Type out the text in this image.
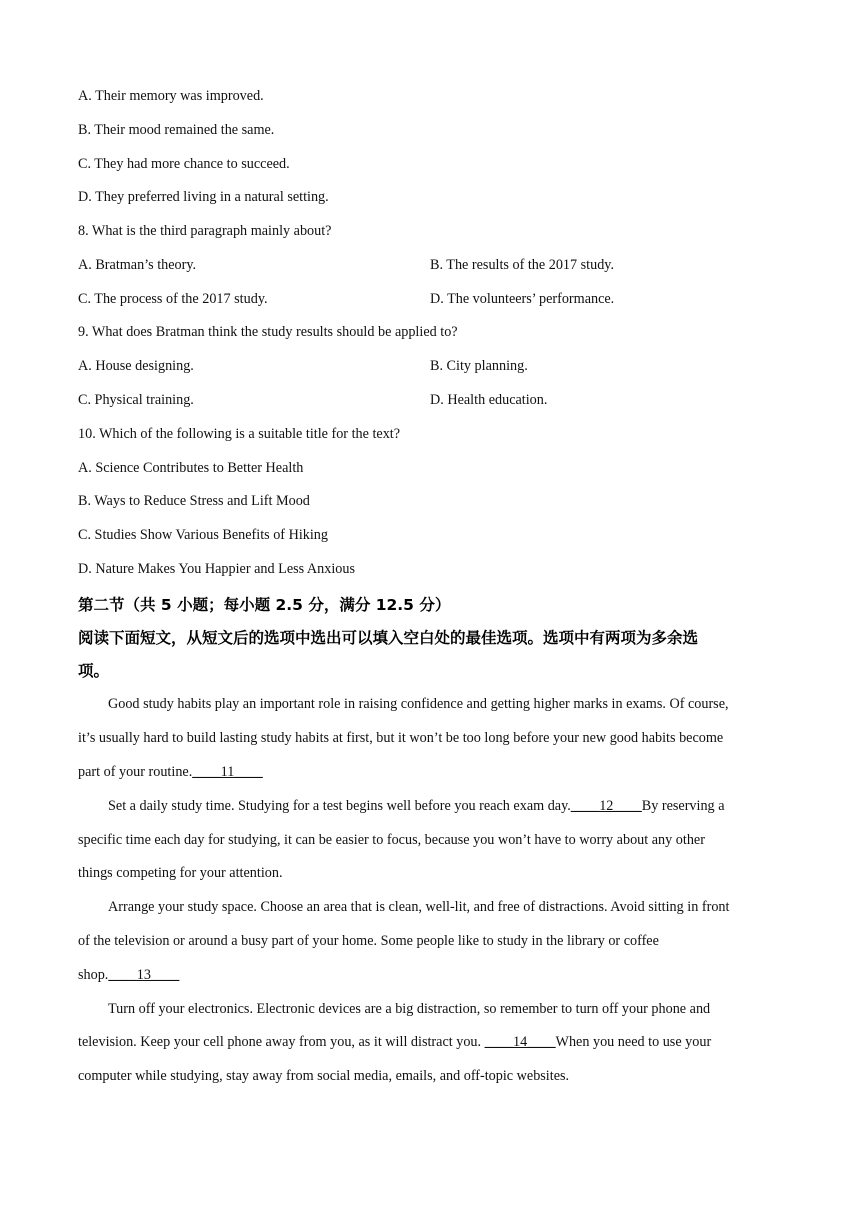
A. Their memory was improved.
B. Their mood remained the same.
C. They had more chance to succeed.
D. They preferred living in a natural setting.
8. What is the third paragraph mainly about?
A. Bratman’s theory.	B. The results of the 2017 study.
C. The process of the 2017 study.	D. The volunteers’ performance.
9. What does Bratman think the study results should be applied to?
A. House designing.	B. City planning.
C. Physical training.	D. Health education.
10. Which of the following is a suitable title for the text?
A. Science Contributes to Better Health
B. Ways to Reduce Stress and Lift Mood
C. Studies Show Various Benefits of Hiking
D. Nature Makes You Happier and Less Anxious
第二节（共 5 小题；每小题 2.5 分，满分 12.5 分）
阅读下面短文，从短文后的选项中选出可以填入空白处的最佳选项。选项中有两项为多余选
项。
Good study habits play an important role in raising confidence and getting higher marks in exams. Of course,
it’s usually hard to build lasting study habits at first, but it won’t be too long before your new good habits become
part of your routine.____11____
Set a daily study time. Studying for a test begins well before you reach exam day.____12____By reserving a
specific time each day for studying, it can be easier to focus, because you won’t have to worry about any other
things competing for your attention.
Arrange your study space. Choose an area that is clean, well-lit, and free of distractions. Avoid sitting in front
of the television or around a busy part of your home. Some people like to study in the library or coffee
shop.____13____
Turn off your electronics. Electronic devices are a big distraction, so remember to turn off your phone and
television. Keep your cell phone away from you, as it will distract you. ____14____When you need to use your
computer while studying, stay away from social media, emails, and off-topic websites.
